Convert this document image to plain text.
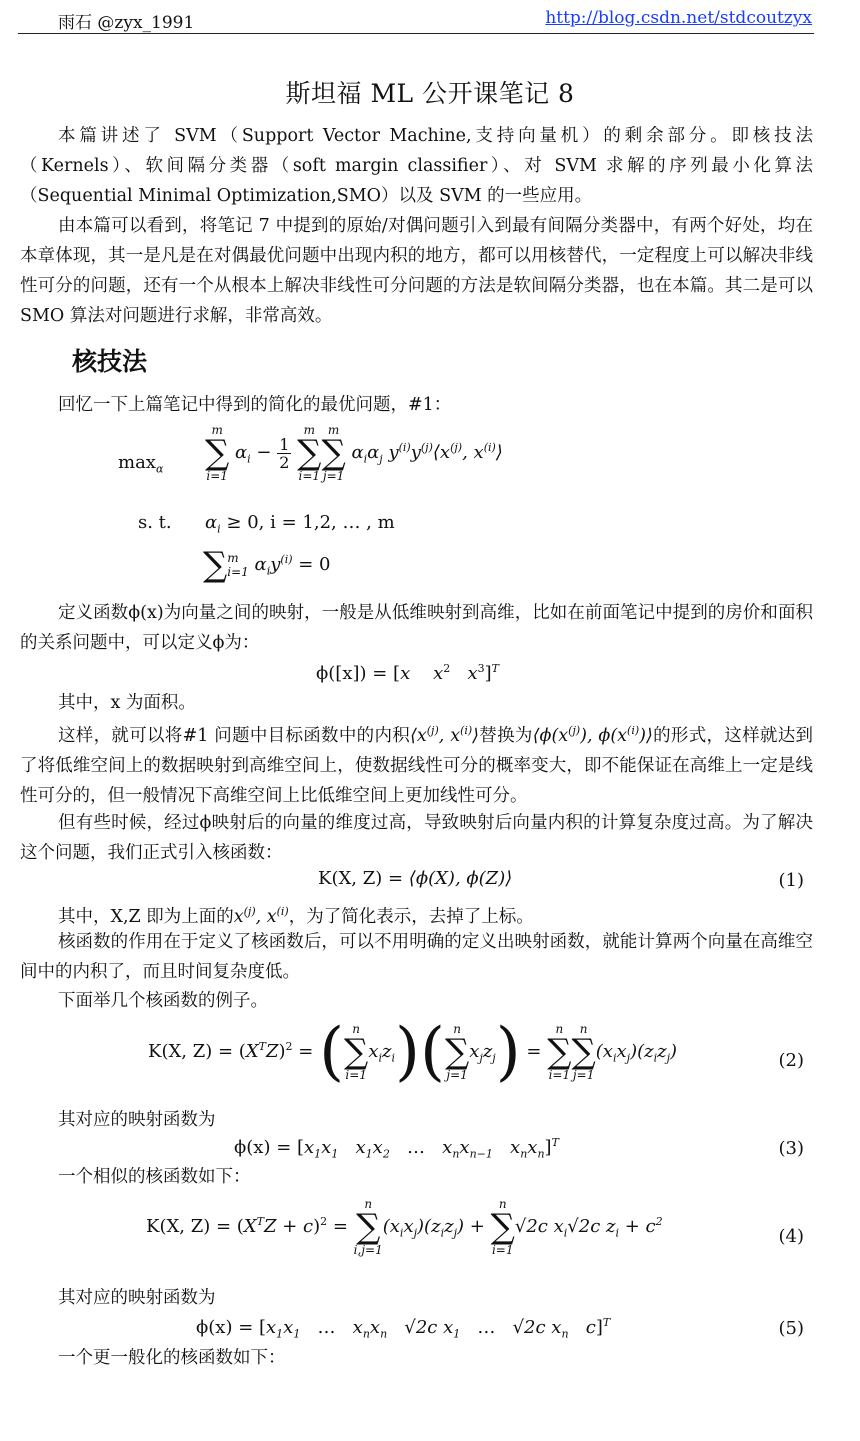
雨石 @zyx_1991	http://blog.csdn.net/stdcoutzyx
斯坦福 ML 公开课笔记 8

本篇讲述了 SVM（Support Vector Machine,支持向量机）的剩余部分。即核技法（Kernels）、软间隔分类器（soft margin classifier）、对 SVM 求解的序列最小化算法（Sequential Minimal Optimization,SMO）以及 SVM 的一些应用。

由本篇可以看到，将笔记 7 中提到的原始/对偶问题引入到最有间隔分类器中，有两个好处，均在本章体现，其一是凡是在对偶最优问题中出现内积的地方，都可以用核替代，一定程度上可以解决非线性可分的问题，还有一个从根本上解决非线性可分问题的方法是软间隔分类器，也在本篇。其二是可以 SMO 算法对问题进行求解，非常高效。

核技法

回忆一下上篇笔记中得到的简化的最优问题，#1：

$\max_\alpha$
m
∑
i=1
$\alpha_i - \frac{1}{2}$

m
∑
i=1
m
∑
j=1
$\alpha_i\alpha_j$ $y^{(i)}y^{(j)}⟨x^{(j)}$, $x^{(i)}⟩$
s. t. $\alpha_i \ge 0$, i = 1,2, … , m
∑ m
i=1 $\alpha_iy^{(i)} = 0$

定义函数ϕ(x)为向量之间的映射，一般是从低维映射到高维，比如在前面笔记中提到的房价和面积的关系问题中，可以定义ϕ为：

ϕ([x]) = [x $x^2$ $x^3]^T$

其中，x 为面积。

这样，就可以将#1 问题中目标函数中的内积$⟨x^{(j)}$, $x^{(i)}⟩$替换为$⟨\phi(x^{(j)})$, $\phi(x^{(i)})⟩$的形式，这样就达到了将低维空间上的数据映射到高维空间上，使数据线性可分的概率变大，即不能保证在高维上一定是线性可分的，但一般情况下高维空间上比低维空间上更加线性可分。

但有些时候，经过ϕ映射后的向量的维度过高，导致映射后向量内积的计算复杂度过高。为了解决这个问题，我们正式引入核函数：

K(X, Z) = ⟨ϕ(X), ϕ(Z)⟩	(1)

其中，X,Z 即为上面的$x^{(j)}$, $x^{(i)}$，为了简化表示，去掉了上标。

核函数的作用在于定义了核函数后，可以不用明确的定义出映射函数，就能计算两个向量在高维空间中的内积了，而且时间复杂度低。

下面举几个核函数的例子。

K(X, $Z) = (X^TZ)^2$ = ( n
∑
i=1
$x_iz_i$)( n
∑
j=1
$x_jz_j$) =
n
∑
i=1
n
∑
j=1
$(x_ix_j)(z_iz_j)$	(2)

其对应的映射函数为

$\phi(x) = [x_1x_1$ $x_1x_2$   …   $x_nx_{n-1}$ $x_nx_n]^T$	(3)

一个相似的核函数如下：

K(X, $Z) = (X^TZ + c)^2$ =
n
∑
i,j=1
$(x_ix_j)(z_iz_j)$ +
n
∑
i=1
√2c $x_i√2c$ $z_i + c^2$
(4)

其对应的映射函数为

$\phi(x) = [x_1x_1$   …   $x_nx_n$ √2c $x_1$   …   √2c $x_n$ c]$^T$	(5)

一个更一般化的核函数如下：
